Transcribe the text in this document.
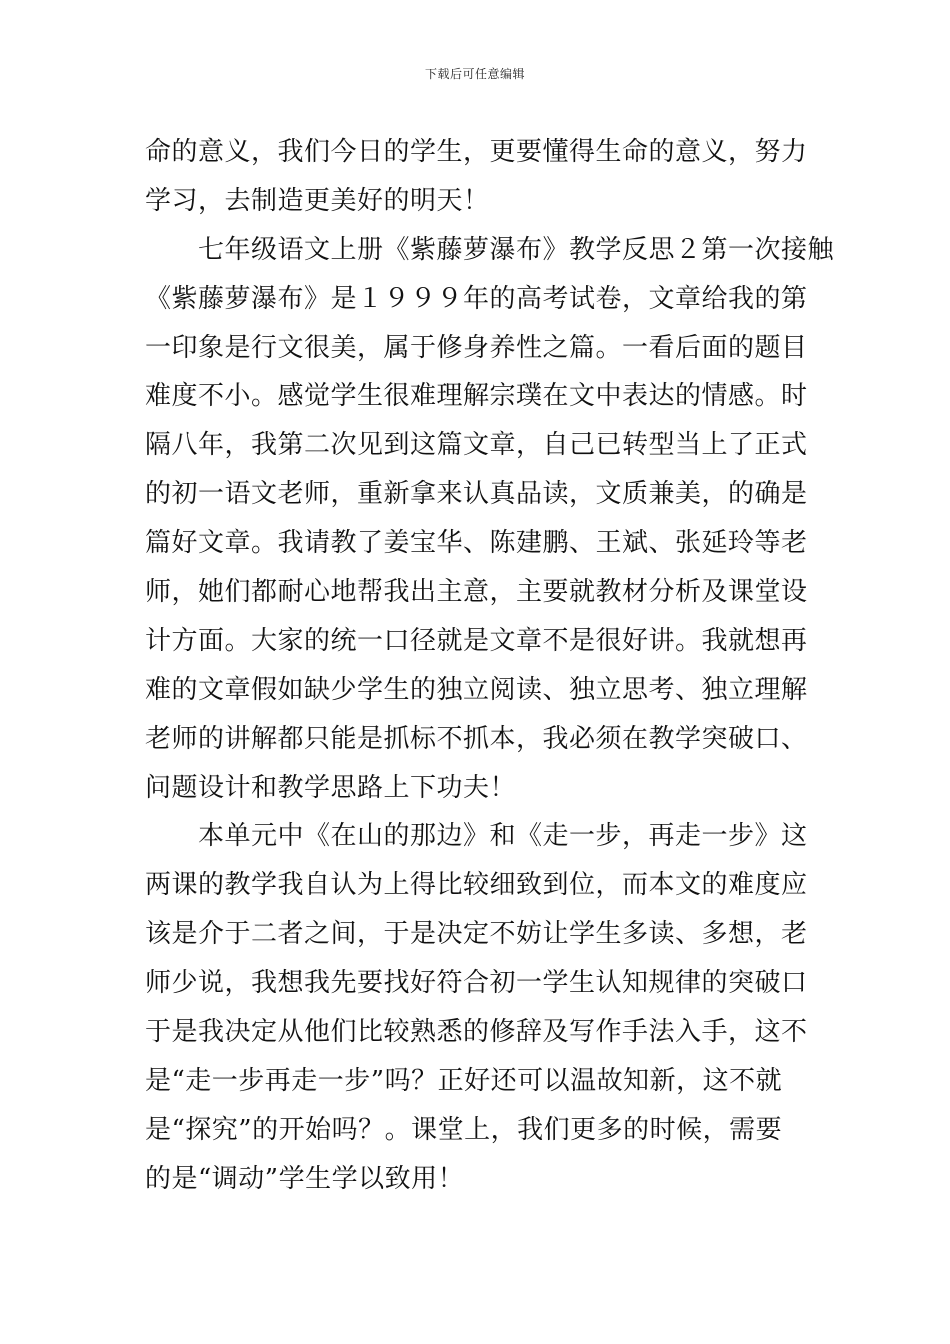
下载后可任意编辑
命的意义，我们今日的学生，更要懂得生命的意义，努力
学习，去制造更美好的明天！
　　七年级语文上册《紫藤萝瀑布》教学反思２第一次接触
《紫藤萝瀑布》是１９９９年的高考试卷，文章给我的第
一印象是行文很美，属于修身养性之篇。一看后面的题目
难度不小。感觉学生很难理解宗璞在文中表达的情感。时
隔八年，我第二次见到这篇文章，自己已转型当上了正式
的初一语文老师，重新拿来认真品读，文质兼美，的确是
篇好文章。我请教了姜宝华、陈建鹏、王斌、张延玲等老
师，她们都耐心地帮我出主意，主要就教材分析及课堂设
计方面。大家的统一口径就是文章不是很好讲。我就想再
难的文章假如缺少学生的独立阅读、独立思考、独立理解
老师的讲解都只能是抓标不抓本，我必须在教学突破口、
问题设计和教学思路上下功夫！
　　本单元中《在山的那边》和《走一步，再走一步》这
两课的教学我自认为上得比较细致到位，而本文的难度应
该是介于二者之间，于是决定不妨让学生多读、多想，老
师少说，我想我先要找好符合初一学生认知规律的突破口
于是我决定从他们比较熟悉的修辞及写作手法入手，这不
是“走一步再走一步”吗？正好还可以温故知新，这不就
是“探究”的开始吗？。课堂上，我们更多的时候，需要
的是“调动”学生学以致用！
